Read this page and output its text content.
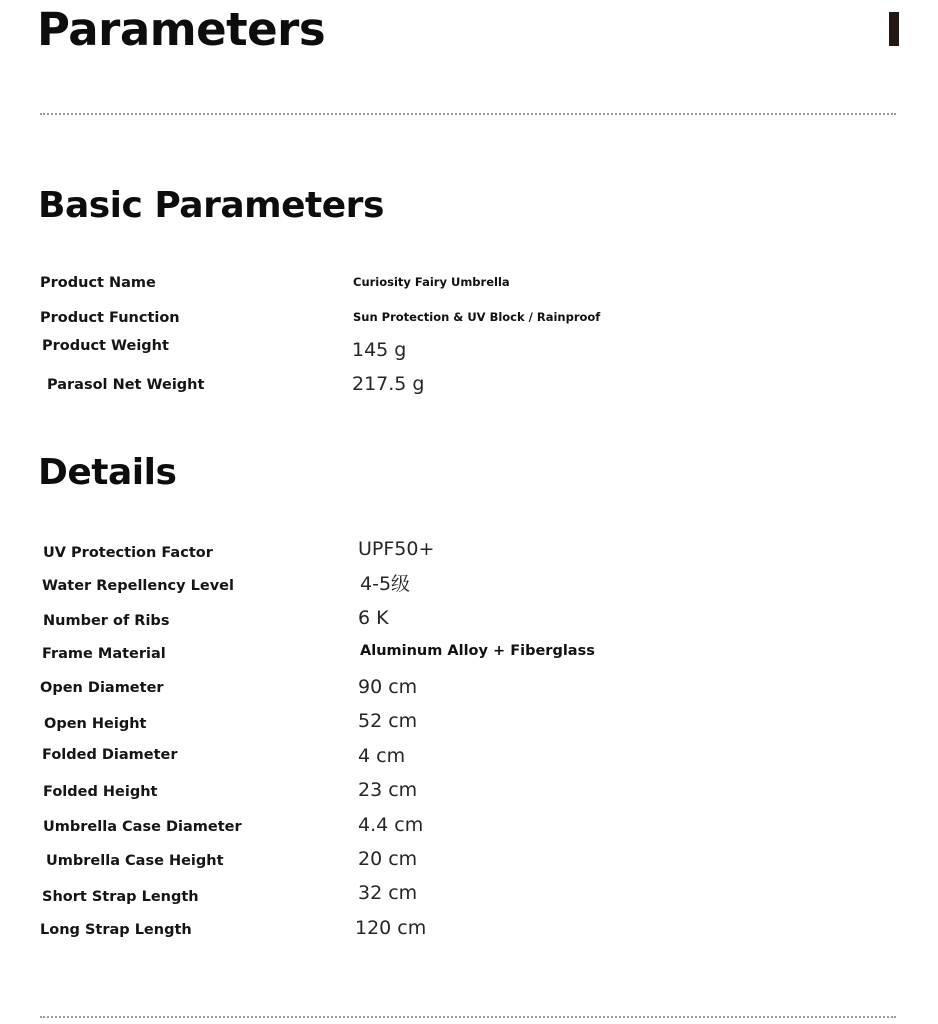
Parameters
Basic Parameters
Product Name	Curiosity Fairy Umbrella
Product Function	Sun Protection & UV Block / Rainproof
Product Weight	145 g
Parasol Net Weight	217.5 g
Details
UV Protection Factor	UPF50+
Water Repellency Level	4-5级
Number of Ribs	6 K
Frame Material	Aluminum Alloy + Fiberglass
Open Diameter	90 cm
Open Height	52 cm
Folded Diameter	4 cm
Folded Height	23 cm
Umbrella Case Diameter	4.4 cm
Umbrella Case Height	20 cm
Short Strap Length	32 cm
Long Strap Length	120 cm
